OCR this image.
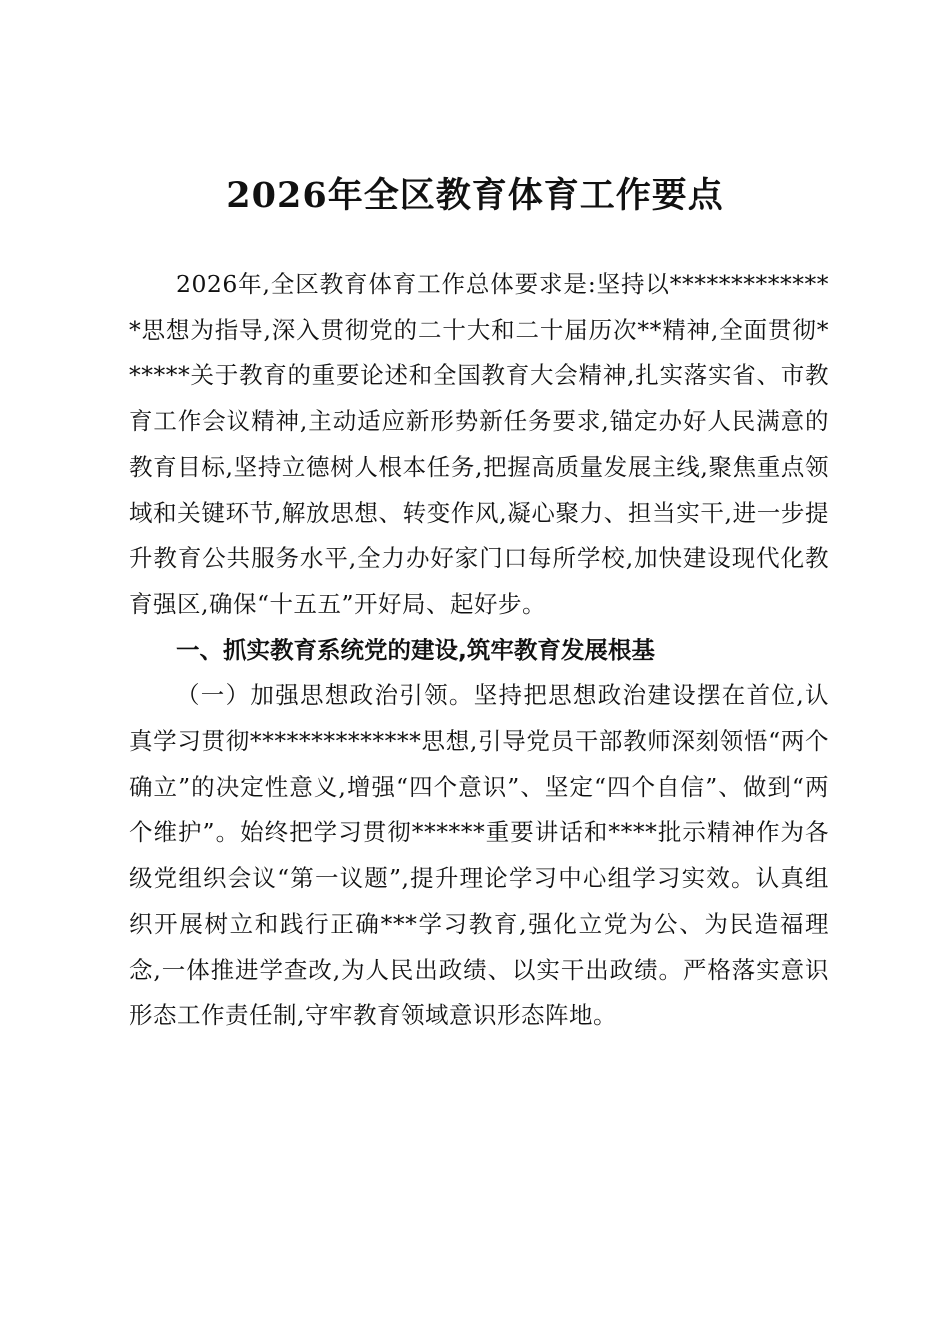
2026年全区教育体育工作要点

2026年,全区教育体育工作总体要求是:坚持以**************思想为指导,深入贯彻党的二十大和二十届历次**精神,全面贯彻******关于教育的重要论述和全国教育大会精神,扎实落实省、市教育工作会议精神,主动适应新形势新任务要求,锚定办好人民满意的教育目标,坚持立德树人根本任务,把握高质量发展主线,聚焦重点领域和关键环节,解放思想、转变作风,凝心聚力、担当实干,进一步提升教育公共服务水平,全力办好家门口每所学校,加快建设现代化教育强区,确保“十五五”开好局、起好步。

一、抓实教育系统党的建设,筑牢教育发展根基

（一）加强思想政治引领。坚持把思想政治建设摆在首位,认真学习贯彻**************思想,引导党员干部教师深刻领悟“两个确立”的决定性意义,增强“四个意识”、坚定“四个自信”、做到“两个维护”。始终把学习贯彻******重要讲话和****批示精神作为各级党组织会议“第一议题”,提升理论学习中心组学习实效。认真组织开展树立和践行正确***学习教育,强化立党为公、为民造福理念,一体推进学查改,为人民出政绩、以实干出政绩。严格落实意识形态工作责任制,守牢教育领域意识形态阵地。
